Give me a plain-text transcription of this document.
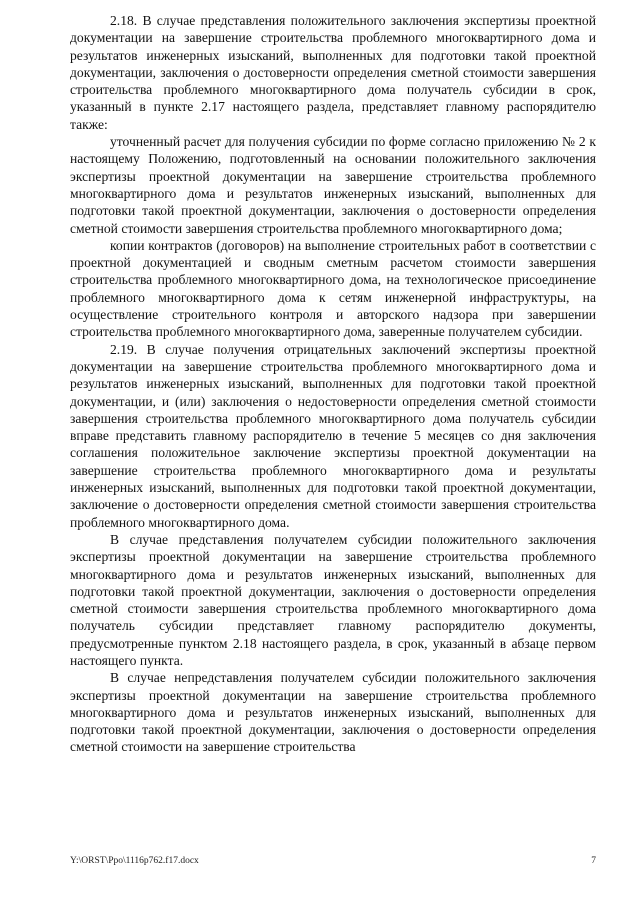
2.18. В случае представления положительного заключения экспертизы проектной документации на завершение строительства проблемного многоквартирного дома и результатов инженерных изысканий, выполненных для подготовки такой проектной документации, заключения о достоверности определения сметной стоимости завершения строительства проблемного многоквартирного дома получатель субсидии в срок, указанный в пункте 2.17 настоящего раздела, представляет главному распорядителю также:

уточненный расчет для получения субсидии по форме согласно приложению № 2 к настоящему Положению, подготовленный на основании положительного заключения экспертизы проектной документации на завершение строительства проблемного многоквартирного дома и результатов инженерных изысканий, выполненных для подготовки такой проектной документации, заключения о достоверности определения сметной стоимости завершения строительства проблемного многоквартирного дома;

копии контрактов (договоров) на выполнение строительных работ в соответствии с проектной документацией и сводным сметным расчетом стоимости завершения строительства проблемного многоквартирного дома, на технологическое присоединение проблемного многоквартирного дома к сетям инженерной инфраструктуры, на осуществление строительного контроля и авторского надзора при завершении строительства проблемного многоквартирного дома, заверенные получателем субсидии.

2.19. В случае получения отрицательных заключений экспертизы проектной документации на завершение строительства проблемного многоквартирного дома и результатов инженерных изысканий, выполненных для подготовки такой проектной документации, и (или) заключения о недостоверности определения сметной стоимости завершения строительства проблемного многоквартирного дома получатель субсидии вправе представить главному распорядителю в течение 5 месяцев со дня заключения соглашения положительное заключение экспертизы проектной документации на завершение строительства проблемного многоквартирного дома и результаты инженерных изысканий, выполненных для подготовки такой проектной документации, заключение о достоверности определения сметной стоимости завершения строительства проблемного многоквартирного дома.

В случае представления получателем субсидии положительного заключения экспертизы проектной документации на завершение строительства проблемного многоквартирного дома и результатов инженерных изысканий, выполненных для подготовки такой проектной документации, заключения о достоверности определения сметной стоимости завершения строительства проблемного многоквартирного дома получатель субсидии представляет главному распорядителю документы, предусмотренные пунктом 2.18 настоящего раздела, в срок, указанный в абзаце первом настоящего пункта.

В случае непредставления получателем субсидии положительного заключения экспертизы проектной документации на завершение строительства проблемного многоквартирного дома и результатов инженерных изысканий, выполненных для подготовки такой проектной документации, заключения о достоверности определения сметной стоимости на завершение строительства

Y:\ORST\Ppo\1116p762.f17.docx	7
